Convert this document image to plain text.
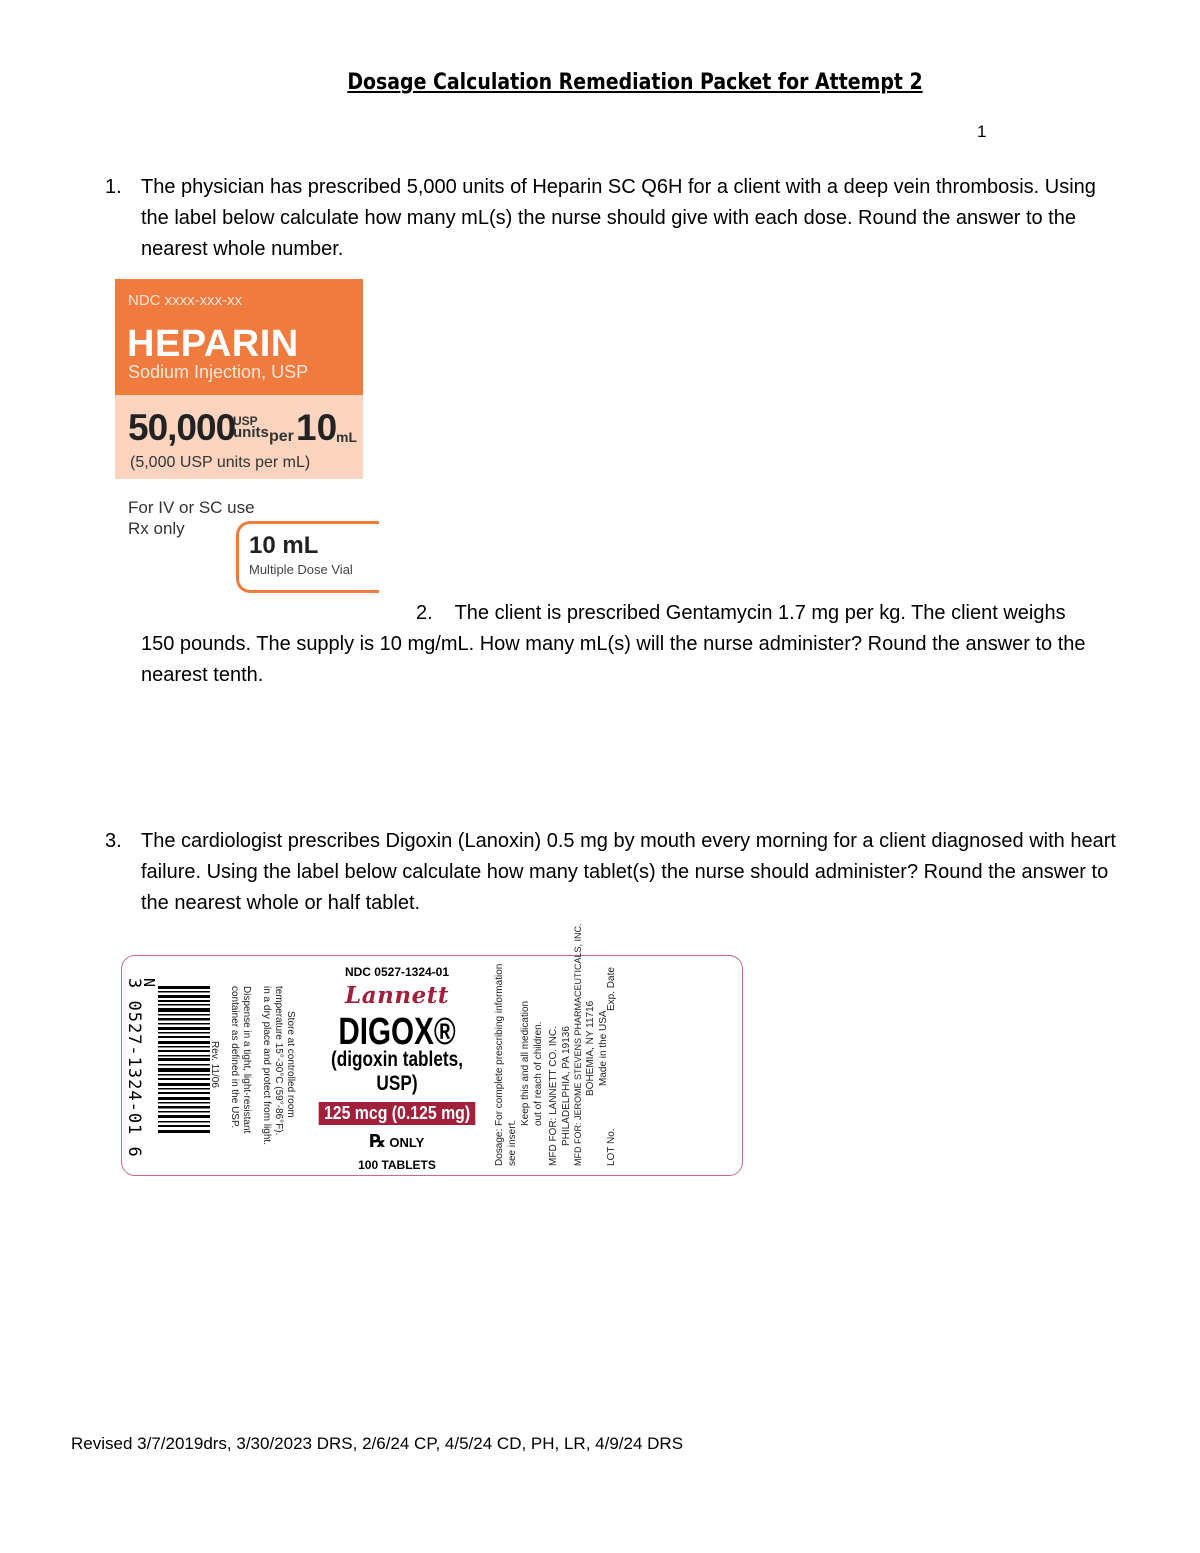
Dosage Calculation Remediation Packet for Attempt 2
1
1. The physician has prescribed 5,000 units of Heparin SC Q6H for a client with a deep vein thrombosis. Using the label below calculate how many mL(s) the nurse should give with each dose. Round the answer to the nearest whole number.
NDC xxxx-xxx-xx
HEPARIN
Sodium Injection, USP
50,000
USP
units per 10
mL
(5,000 USP units per mL)
For IV or SC use
Rx only
10 mL
Multiple Dose Vial
2. The client is prescribed Gentamycin 1.7 mg per kg. The client weighs
150 pounds. The supply is 10 mg/mL. How many mL(s) will the nurse administer? Round the answer to the nearest tenth.
3. The cardiologist prescribes Digoxin (Lanoxin) 0.5 mg by mouth every morning for a client diagnosed with heart failure. Using the label below calculate how many tablet(s) the nurse should administer? Round the answer to the nearest whole or half tablet.
N
3 0527-1324-01 6	Store at controlled room
temperature 15°-30°C (59°-86°F).
in a dry place and protect from light.
Dispense in a tight, light-resistant
container as defined in the USP.
Rev. 11/06
NDC 0527-1324-01
Lannett
DIGOX®
(digoxin tablets, USP)
125 mcg (0.125 mg)
℞ ONLY
100 TABLETS	Dosage: For complete prescribing information see insert.
Keep this and all medication out of reach of children. MFD FOR: LANNETT CO. INC. PHILADELPHIA, PA 19136 MFD FOR: JEROME STEVENS PHARMACEUTICALS, INC. BOHEMIA, NY 11716 Made in the USA
LOT No.
Exp. Date
Revised 3/7/2019drs, 3/30/2023 DRS, 2/6/24 CP, 4/5/24 CD, PH, LR, 4/9/24 DRS
